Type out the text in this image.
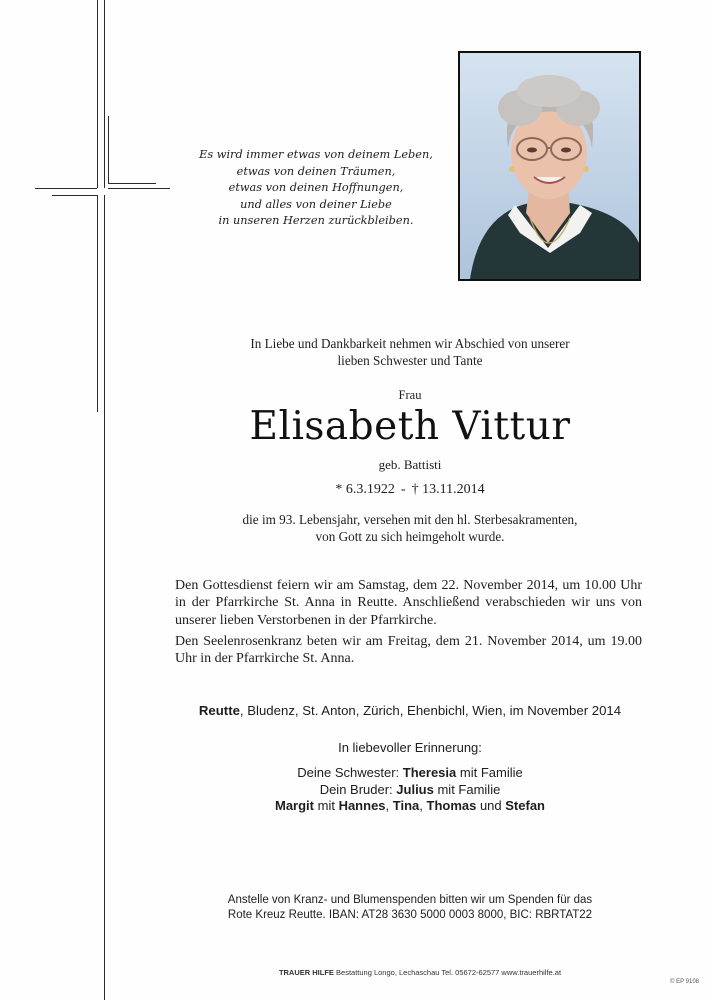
Es wird immer etwas von deinem Leben,
etwas von deinen Träumen,
etwas von deinen Hoffnungen,
und alles von deiner Liebe
in unseren Herzen zurückbleiben.
In Liebe und Dankbarkeit nehmen wir Abschied von unserer
lieben Schwester und Tante
Frau
Elisabeth Vittur
geb. Battisti
* 6.3.1922 - † 13.11.2014
die im 93. Lebensjahr, versehen mit den hl. Sterbesakramenten,
von Gott zu sich heimgeholt wurde.
Den Gottesdienst feiern wir am Samstag, dem 22. November 2014, um 10.00 Uhr in der Pfarrkirche St. Anna in Reutte. Anschließend verabschieden wir uns von unserer lieben Verstorbenen in der Pfarrkirche.
Den Seelenrosenkranz beten wir am Freitag, dem 21. November 2014, um 19.00 Uhr in der Pfarrkirche St. Anna.
Reutte, Bludenz, St. Anton, Zürich, Ehenbichl, Wien, im November 2014
In liebevoller Erinnerung:
Deine Schwester: Theresia mit Familie
Dein Bruder: Julius mit Familie
Margit mit Hannes, Tina, Thomas und Stefan
Anstelle von Kranz- und Blumenspenden bitten wir um Spenden für das
Rote Kreuz Reutte. IBAN: AT28 3630 5000 0003 8000, BIC: RBRTAT22
TRAUER HILFE Bestattung Longo, Lechaschau Tel. 05672-62577 www.trauerhilfe.at
© EP 9108
